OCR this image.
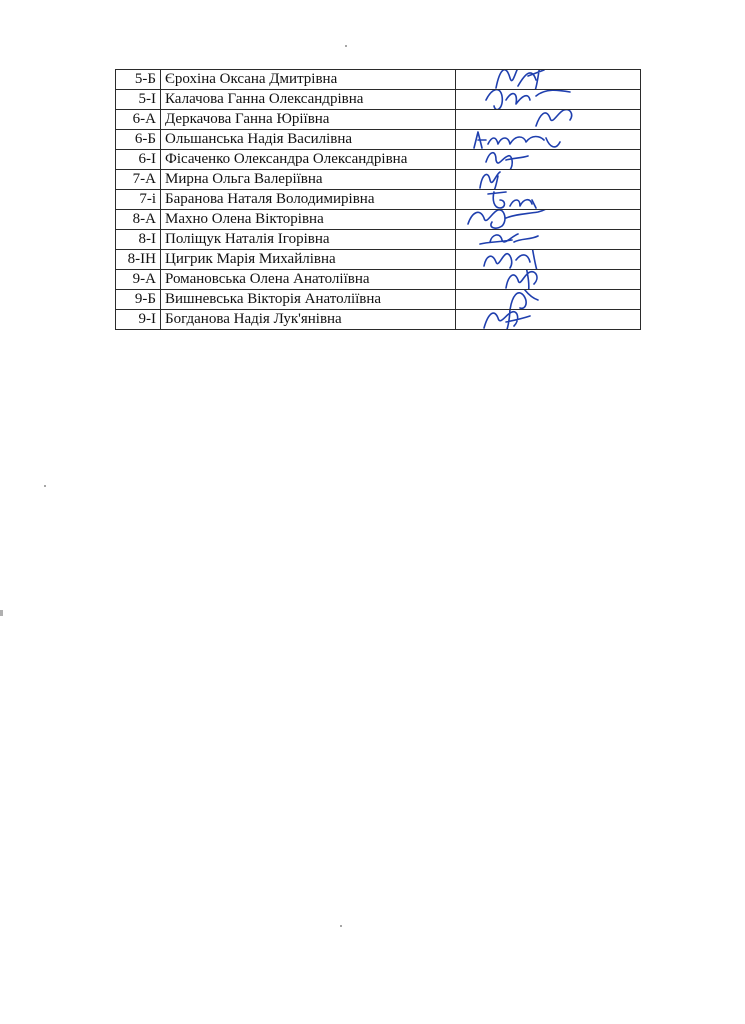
5-Б	Єрохіна Оксана Дмитрівна	

5-І	Калачова Ганна Олександрівна	

6-А	Деркачова Ганна Юріївна	

6-Б	Ольшанська Надія Василівна	

6-І	Фісаченко Олександра Олександрівна	

7-А	Мирна Ольга Валеріївна	

7-і	Баранова Наталя Володимирівна	

8-А	Махно Олена Вікторівна	

8-І	Поліщук Наталія Ігорівна	

8-ІН	Цигрик Марія Михайлівна	

9-А	Романовська Олена Анатоліївна	

9-Б	Вишневська Вікторія Анатоліївна	

9-І	Богданова Надія Лук'янівна	
